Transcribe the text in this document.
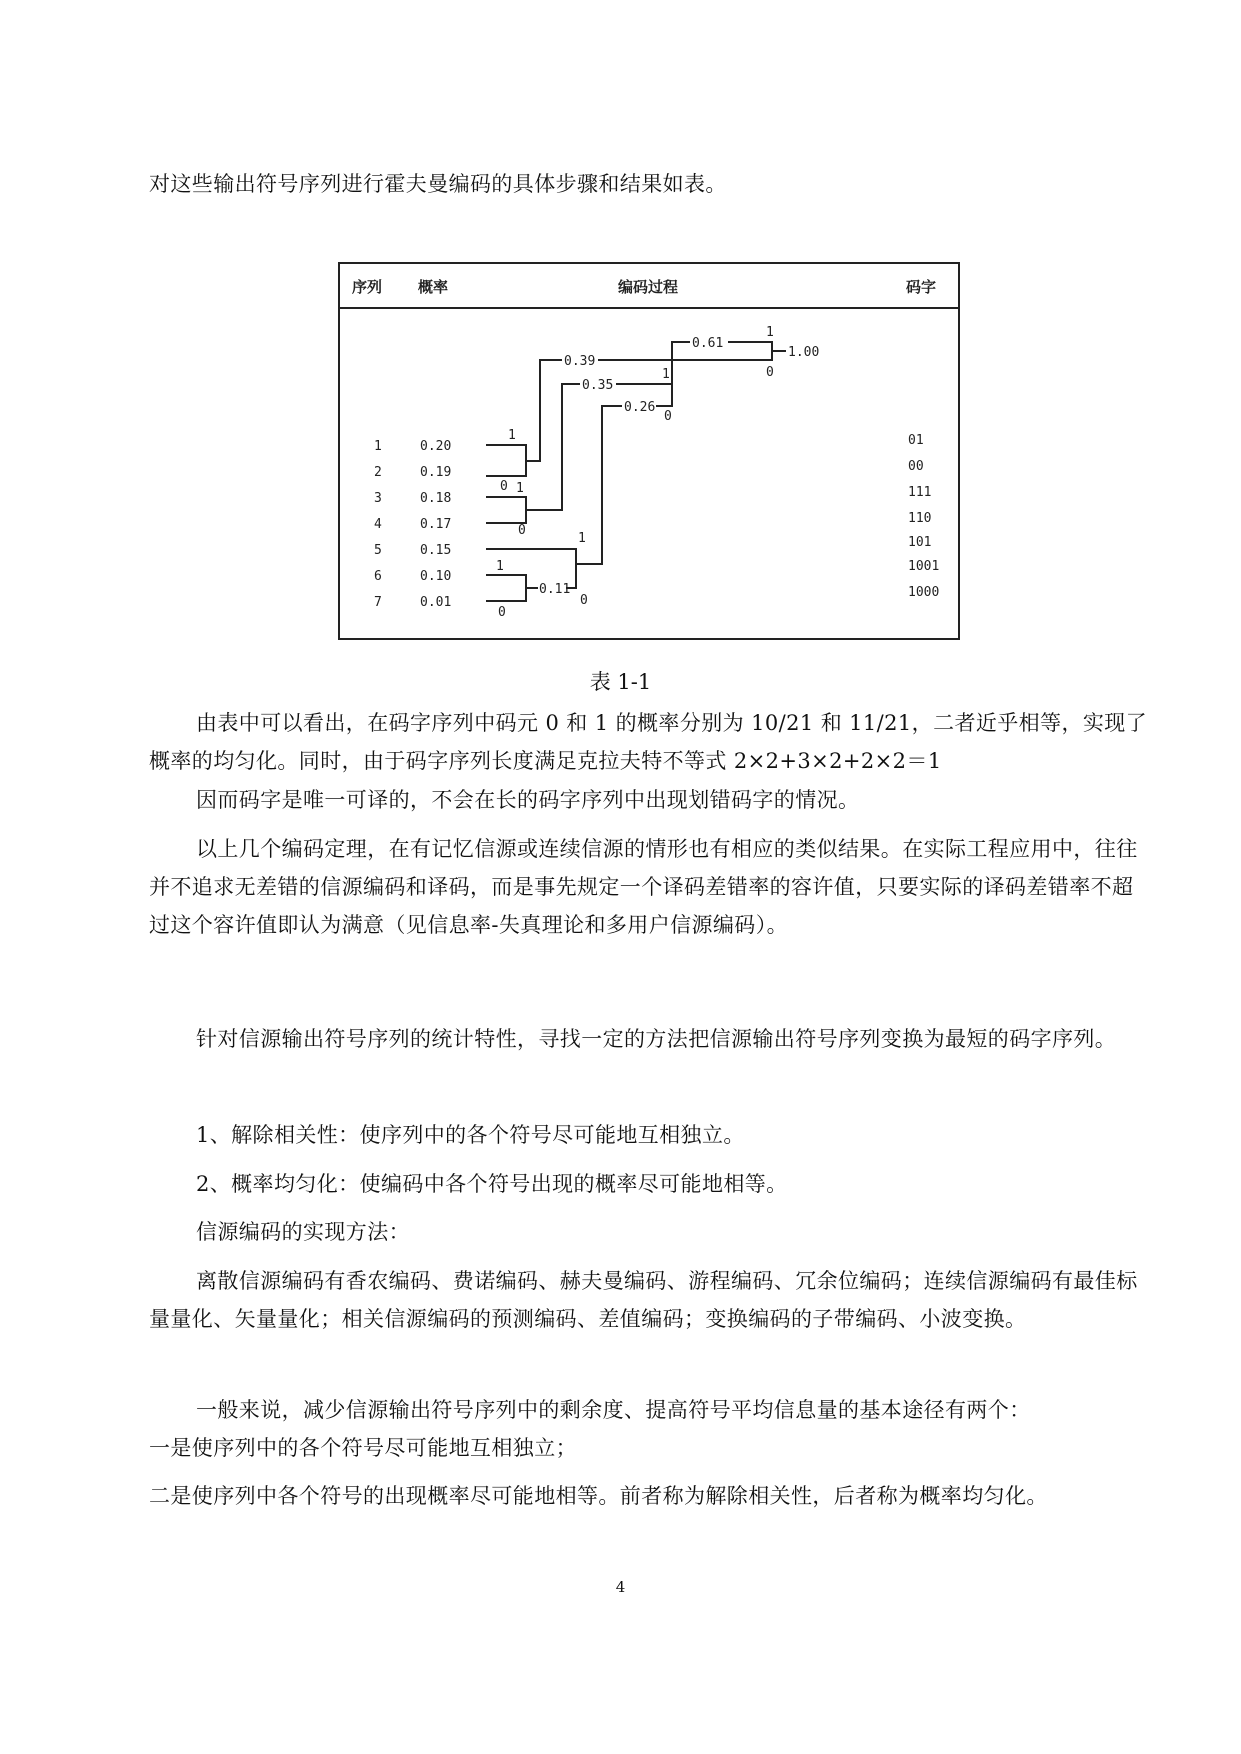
对这些输出符号序列进行霍夫曼编码的具体步骤和结果如表。

序列 概率	编码过程	码字
1
2
3
4
5
6
7
0.20
0.19
0.18
0.17
0.15
0.10
0.01
01
00
111
110
101
1001
1000
0.39
1
0
0.35
1
0
0.11
1
0
0.26
1
0
0.61
1
0
1.00
1
0
表 1-1

由表中可以看出，在码字序列中码元 0 和 1 的概率分别为 10/21 和 11/21，二者近乎相等，实现了概率的均匀化。同时，由于码字序列长度满足克拉夫特不等式 2×2+3×2+2×2＝1

因而码字是唯一可译的，不会在长的码字序列中出现划错码字的情况。

以上几个编码定理，在有记忆信源或连续信源的情形也有相应的类似结果。在实际工程应用中，往往并不追求无差错的信源编码和译码，而是事先规定一个译码差错率的容许值，只要实际的译码差错率不超过这个容许值即认为满意（见信息率-失真理论和多用户信源编码）。

针对信源输出符号序列的统计特性，寻找一定的方法把信源输出符号序列变换为最短的码字序列。

1、解除相关性：使序列中的各个符号尽可能地互相独立。

2、概率均匀化：使编码中各个符号出现的概率尽可能地相等。

信源编码的实现方法：

离散信源编码有香农编码、费诺编码、赫夫曼编码、游程编码、冗余位编码；连续信源编码有最佳标量量化、矢量量化；相关信源编码的预测编码、差值编码；变换编码的子带编码、小波变换。

一般来说，减少信源输出符号序列中的剩余度、提高符号平均信息量的基本途径有两个：

一是使序列中的各个符号尽可能地互相独立；

二是使序列中各个符号的出现概率尽可能地相等。前者称为解除相关性，后者称为概率均匀化。

4
